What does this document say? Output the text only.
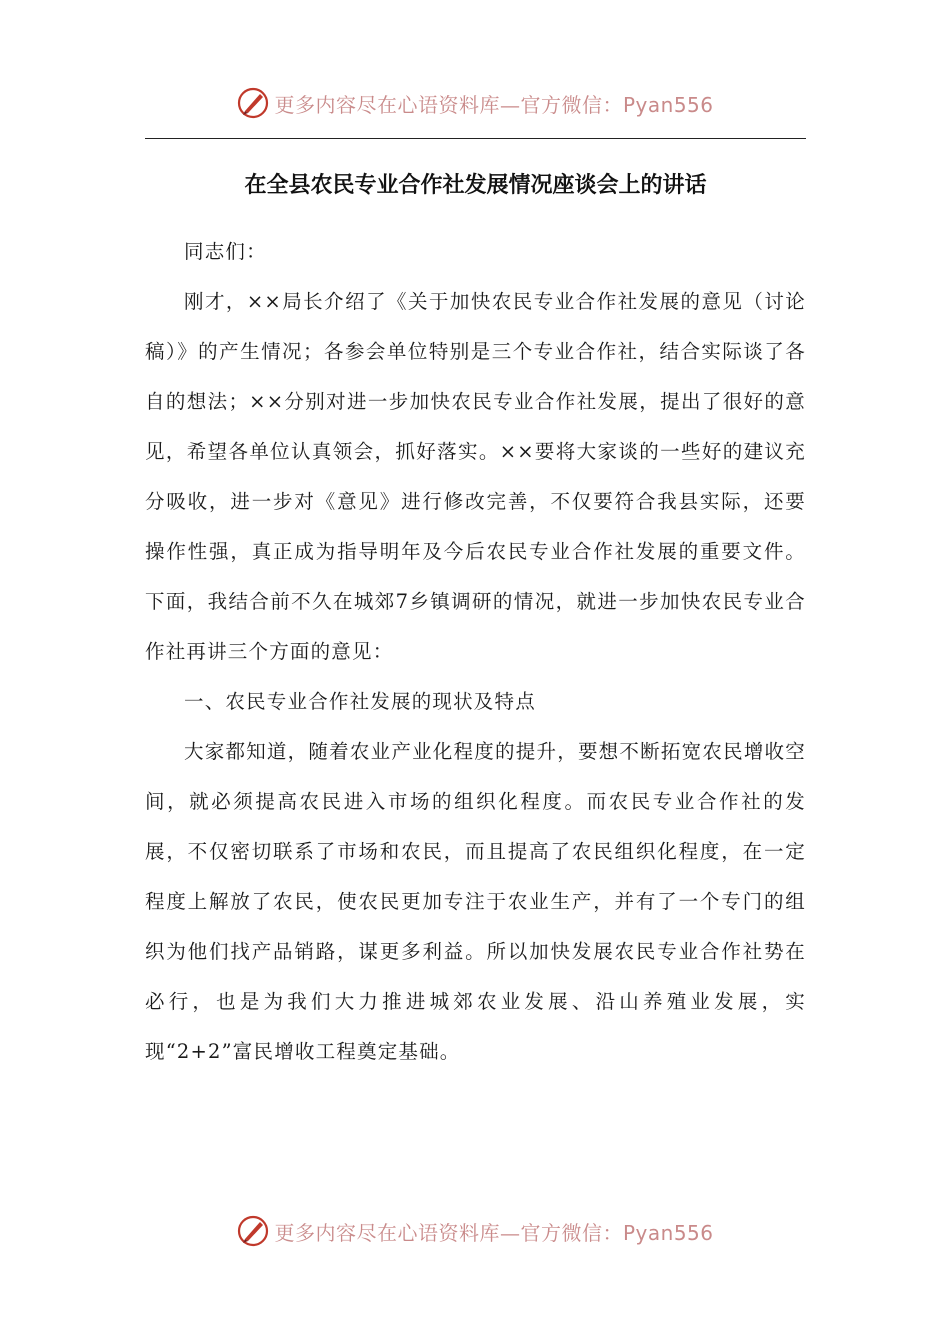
更多内容尽在心语资料库—官方微信：Pyan556
在全县农民专业合作社发展情况座谈会上的讲话

同志们：

刚才，××局长介绍了《关于加快农民专业合作社发展的意见（讨论稿）》的产生情况；各参会单位特别是三个专业合作社，结合实际谈了各自的想法；××分别对进一步加快农民专业合作社发展，提出了很好的意见，希望各单位认真领会，抓好落实。××要将大家谈的一些好的建议充分吸收，进一步对《意见》进行修改完善，不仅要符合我县实际，还要操作性强，真正成为指导明年及今后农民专业合作社发展的重要文件。下面，我结合前不久在城郊7乡镇调研的情况，就进一步加快农民专业合作社再讲三个方面的意见：

一、农民专业合作社发展的现状及特点

大家都知道，随着农业产业化程度的提升，要想不断拓宽农民增收空间，就必须提高农民进入市场的组织化程度。而农民专业合作社的发展，不仅密切联系了市场和农民，而且提高了农民组织化程度，在一定程度上解放了农民，使农民更加专注于农业生产，并有了一个专门的组织为他们找产品销路，谋更多利益。所以加快发展农民专业合作社势在必行，也是为我们大力推进城郊农业发展、沿山养殖业发展，实现“2+2”富民增收工程奠定基础。

更多内容尽在心语资料库—官方微信：Pyan556
